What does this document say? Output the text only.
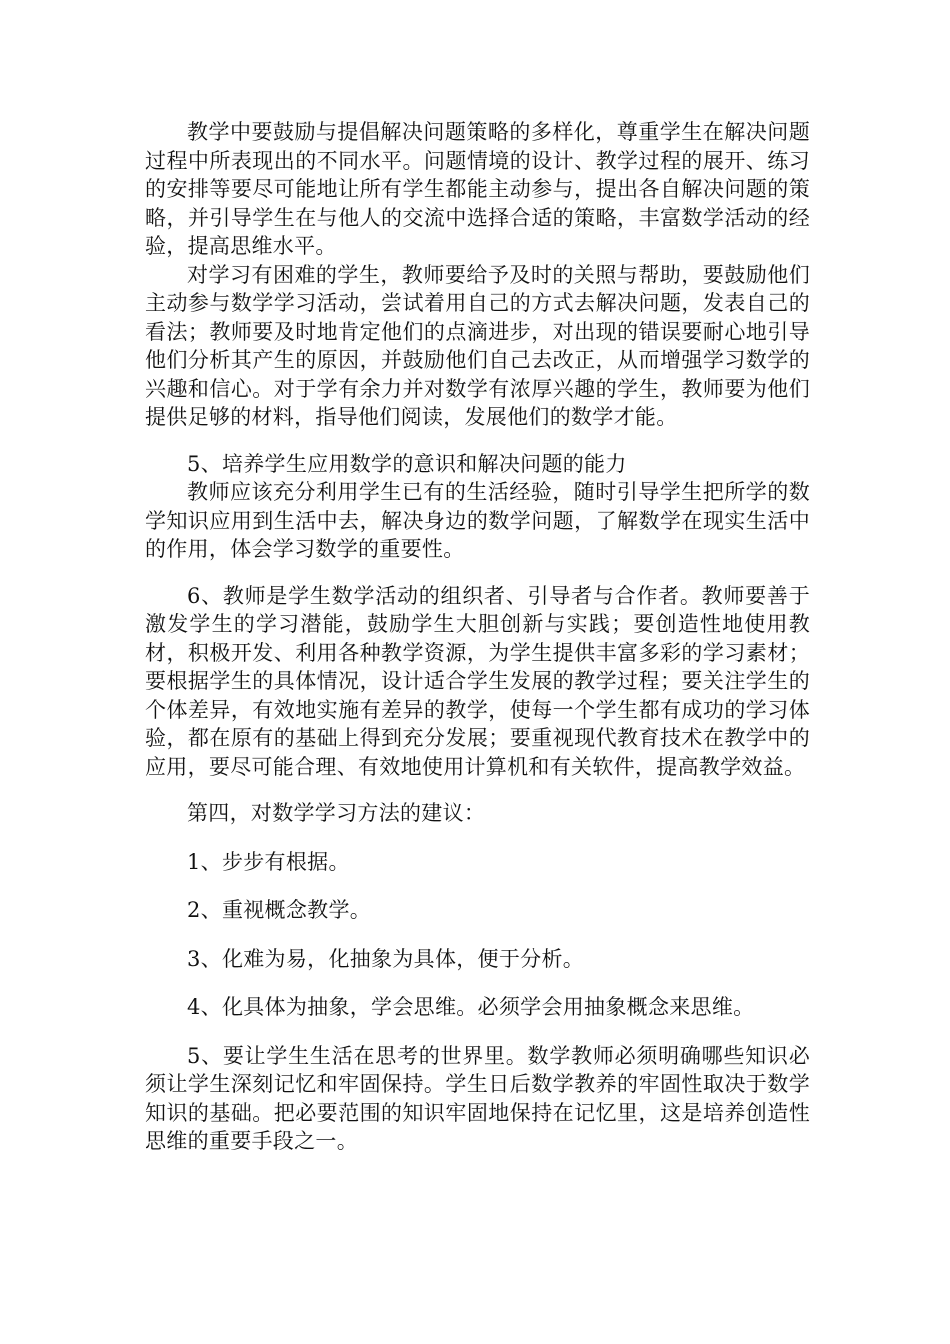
教学中要鼓励与提倡解决问题策略的多样化，尊重学生在解决问题过程中所表现出的不同水平。问题情境的设计、教学过程的展开、练习的安排等要尽可能地让所有学生都能主动参与，提出各自解决问题的策略，并引导学生在与他人的交流中选择合适的策略，丰富数学活动的经验，提高思维水平。

对学习有困难的学生，教师要给予及时的关照与帮助，要鼓励他们主动参与数学学习活动，尝试着用自己的方式去解决问题，发表自己的看法；教师要及时地肯定他们的点滴进步，对出现的错误要耐心地引导他们分析其产生的原因，并鼓励他们自己去改正，从而增强学习数学的兴趣和信心。对于学有余力并对数学有浓厚兴趣的学生，教师要为他们提供足够的材料，指导他们阅读，发展他们的数学才能。

5、培养学生应用数学的意识和解决问题的能力

教师应该充分利用学生已有的生活经验，随时引导学生把所学的数学知识应用到生活中去，解决身边的数学问题，了解数学在现实生活中的作用，体会学习数学的重要性。

6、教师是学生数学活动的组织者、引导者与合作者。教师要善于激发学生的学习潜能，鼓励学生大胆创新与实践；要创造性地使用教材，积极开发、利用各种教学资源，为学生提供丰富多彩的学习素材；要根据学生的具体情况，设计适合学生发展的教学过程；要关注学生的个体差异，有效地实施有差异的教学，使每一个学生都有成功的学习体验，都在原有的基础上得到充分发展；要重视现代教育技术在教学中的应用，要尽可能合理、有效地使用计算机和有关软件，提高教学效益。

第四，对数学学习方法的建议：

1、步步有根据。

2、重视概念教学。

3、化难为易，化抽象为具体，便于分析。

4、化具体为抽象，学会思维。必须学会用抽象概念来思维。

5、要让学生生活在思考的世界里。数学教师必须明确哪些知识必须让学生深刻记忆和牢固保持。学生日后数学教养的牢固性取决于数学知识的基础。把必要范围的知识牢固地保持在记忆里，这是培养创造性思维的重要手段之一。
